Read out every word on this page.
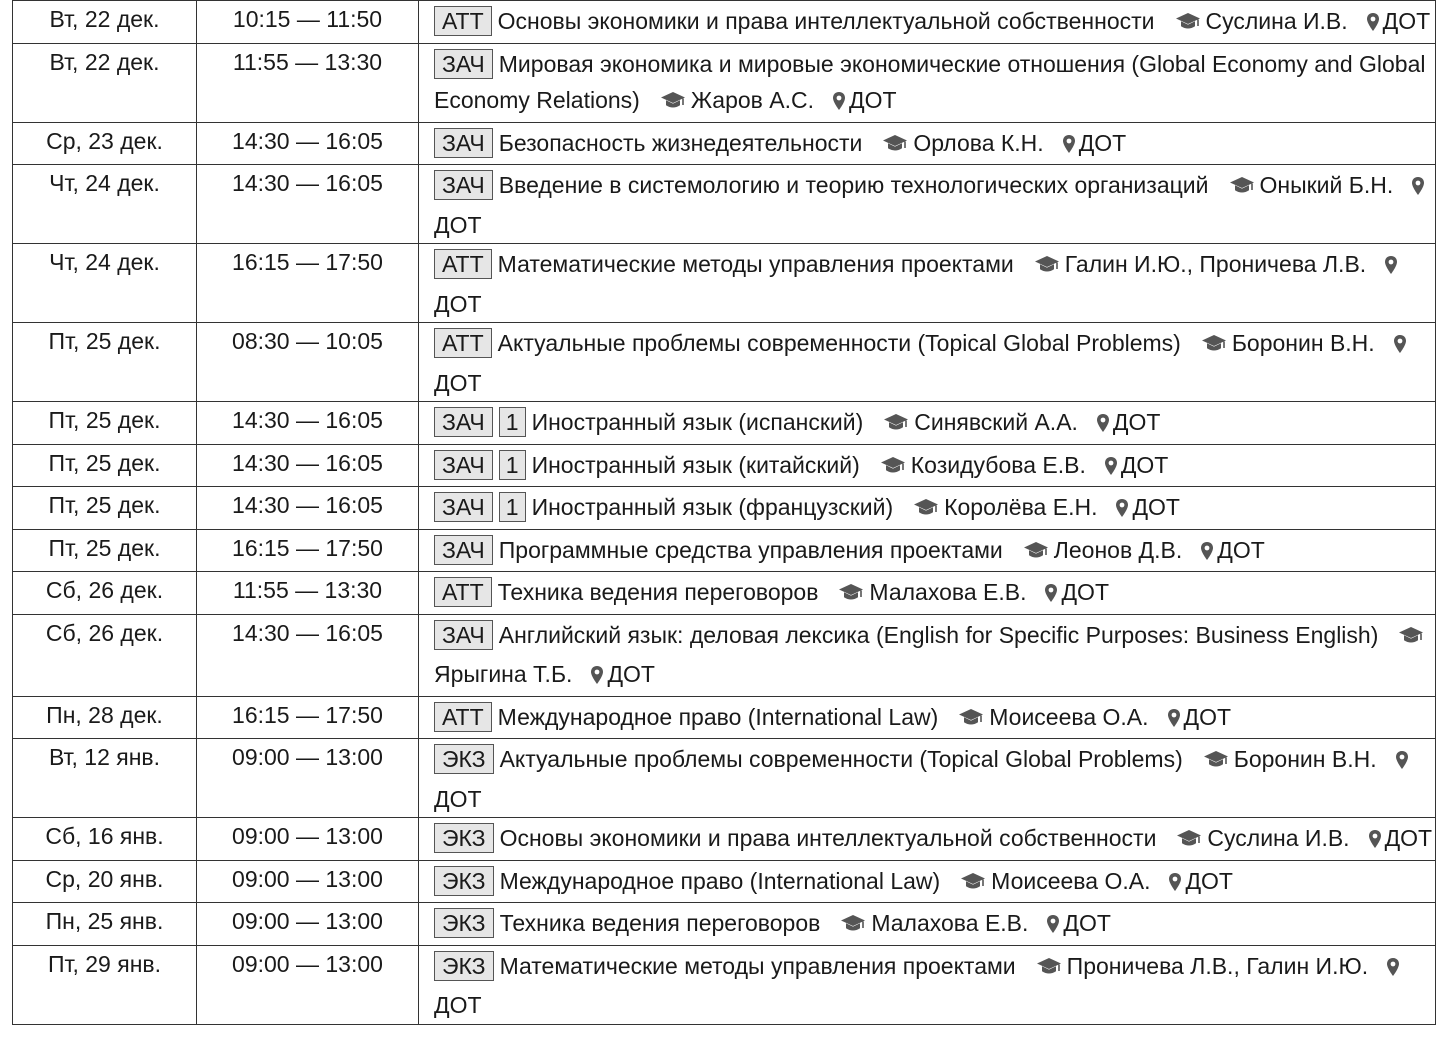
Вт, 22 дек.	10:15 — 11:50	АТТ Основы экономики и права интеллектуальной собственности Суслина И.В. ДОТ
Вт, 22 дек.	11:55 — 13:30	ЗАЧ Мировая экономика и мировые экономические отношения (Global Economy and Global Economy Relations) Жаров А.С. ДОТ
Ср, 23 дек.	14:30 — 16:05	ЗАЧ Безопасность жизнедеятельности Орлова К.Н. ДОТ
Чт, 24 дек.	14:30 — 16:05	ЗАЧ Введение в системологию и теорию технологических организаций Оныкий Б.Н.ДОТ
Чт, 24 дек.	16:15 — 17:50	АТТ Математические методы управления проектами Галин И.Ю., Проничева Л.В.ДОТ
Пт, 25 дек.	08:30 — 10:05	АТТ Актуальные проблемы современности (Topical Global Problems) Боронин В.Н.ДОТ
Пт, 25 дек.	14:30 — 16:05	ЗАЧ 1 Иностранный язык (испанский) Синявский А.А. ДОТ
Пт, 25 дек.	14:30 — 16:05	ЗАЧ 1 Иностранный язык (китайский) Козидубова Е.В. ДОТ
Пт, 25 дек.	14:30 — 16:05	ЗАЧ 1 Иностранный язык (французский) Королёва Е.Н. ДОТ
Пт, 25 дек.	16:15 — 17:50	ЗАЧ Программные средства управления проектами Леонов Д.В. ДОТ
Сб, 26 дек.	11:55 — 13:30	АТТ Техника ведения переговоров Малахова Е.В. ДОТ
Сб, 26 дек.	14:30 — 16:05	ЗАЧ Английский язык: деловая лексика (English for Specific Purposes: Business English)Ярыгина Т.Б. ДОТ
Пн, 28 дек.	16:15 — 17:50	АТТ Международное право (International Law) Моисеева О.А. ДОТ
Вт, 12 янв.	09:00 — 13:00	ЭКЗ Актуальные проблемы современности (Topical Global Problems) Боронин В.Н.ДОТ
Сб, 16 янв.	09:00 — 13:00	ЭКЗ Основы экономики и права интеллектуальной собственности Суслина И.В. ДОТ
Ср, 20 янв.	09:00 — 13:00	ЭКЗ Международное право (International Law) Моисеева О.А. ДОТ
Пн, 25 янв.	09:00 — 13:00	ЭКЗ Техника ведения переговоров Малахова Е.В. ДОТ
Пт, 29 янв.	09:00 — 13:00	ЭКЗ Математические методы управления проектами Проничева Л.В., Галин И.Ю.ДОТ
